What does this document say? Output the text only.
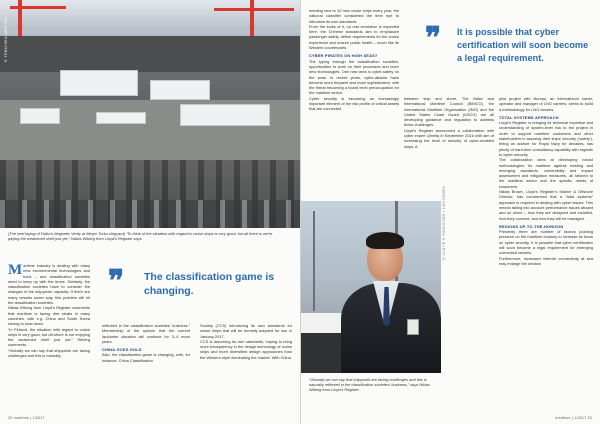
© TEBU/SEA ARRIVAL
(The keel laying of Falko’s Magnetic Verity at Meyer Turku shipyard) “To think of the situation with regard to cruise ships is very good, but all there is we’re paying the weakened shelf just yet,” Niklas Wiberg from Lloyd’s Register says.

Maritime industry is dealing with many new environmental technologies and fuels – and classification societies need to keep up with the times. Similarly, the classification societies have to consider the changes in the shipyards’ capacity. If there are many vessels under way, this problem will hit the classification societies.

Niklas Wiberg from Lloyd’s Register comments that maritime is facing dire straits in many countries, with e.g. China and South Korea having to slow down.

“In Finland, the situation with regard to cruise ships is very good, but off-shore is not enjoying the weakened shelf just yet,” Wiberg comments.

“Globally we can say that shipyards are facing challenges and this is naturally

❞ The classification game is changing.

reflected in the classification societies’ business.” Membership of the opinion that the current lackluster situation will continue for 3–4 more years.

CHINA GOES GOLD

Also, the classification game is changing, with, for instance, China Classification

Society (CCS) introducing its own standards for cruise ships that will be formally adopted for use in January 2017.

CCS is launching its own standards, hoping to bring more transparency in the design technology of cruise ships and more diversified design approaches than the Western style dominating the market. With China

22 maritime | 1/2017

needing new to 10 new cruise ships every year, the national classifier considered the time ripe to introduce its own standards.

From the looks of it, no real revolution is expected here: the Chinese standards aim to emphasize passenger safety, define requirements for the cruise experience and ensure public health – much like its Western counterparts.

CYBER PIRATES ON HIGH SEAS?

The typing through the classification societies, opportunities to work on their processes and learn new technologies. One new area is cyber-safety on the seas. In recent years, cyber-attacks have become more frequent and more sophisticated, with the threat becoming a board level preoccupation for the maritime sector.

Cyber security is becoming an increasingly important element of the risk profile of critical assets that are connected

❞ It is possible that cyber certification will soon become a legal requirement.

between ship and shore. The Baltic and International Maritime Council (BIMCO), the International Maritime Organization (IMO) and the United States Coast Guard (USCG) are all developing guidance and regulation to address these challenges.

Lloyd’s Register announced a collaboration with cyber expert Qinetiq in September 2016 with aim of increasing the level of security of cyber-enabled ships. A

© LLOYD'S REGISTER / LEHTONEN
“Globally we can say that shipyards are facing challenges and this is naturally reflected in the classification societies’ business,” says Niklas Wiberg from Lloyd’s Register.

pilot project with Bureau, an international owner, operator and manager of LNG carriers, seeks to build a methodology for LNG vessels.

TOTAL SYSTEMS APPROACH

Lloyd’s Register is bringing its technical expertise and understanding of system-level risk to the project in order to support maritime customers and other stakeholders in assuring their ships’ security (‘safety’), being an adviser for Royal Navy for decades, has plenty of hard-time consultancy capability with regards to cyber-security.

The collaboration aims at developing robust methodologies for maritime against existing and emerging standards, vulnerability and impact assessment and mitigation measures, all tailored to the maritime sector and the specific needs of customers.

Niklas Brown, Lloyd’s Register’s Marine & Offshore Director, has commented that a “total systems” approach is required in dealing with cyber issues. This means taking into account performance issues aboard and on shore – how they are designed and installed, how they connect, and how they will be managed.

REGIONS UP-TO-THE-HORIZON

Presently there are number of factors pushing pressure on the maritime industry to increase its focus on cyber security. It is possible that cyber certification will soon become a legal requirement for emerging connected vessels.

Furthermore, increased internet connectivity at sea may enlarge the window

maritime | 1/2017 23
